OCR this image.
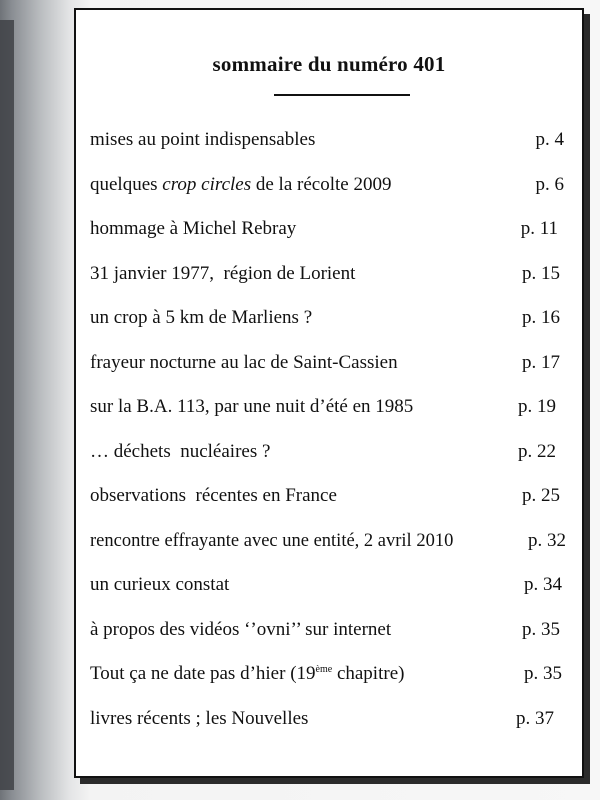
sommaire du numéro 401
mises au point indispensables	p. 4
quelques crop circles de la récolte 2009	p. 6
hommage à Michel Rebray	p. 11
31 janvier 1977,  région de Lorient	p. 15
un crop à 5 km de Marliens ?	p. 16
frayeur nocturne au lac de Saint-Cassien	p. 17
sur la B.A. 113, par une nuit d’été en 1985	p. 19
… déchets  nucléaires ?	p. 22
observations  récentes en France	p. 25
rencontre effrayante avec une entité, 2 avril 2010	p. 32
un curieux constat	p. 34
à propos des vidéos ‘’ovni’’ sur internet	p. 35
Tout ça ne date pas d’hier (19ème chapitre)	p. 35
livres récents ; les Nouvelles	p. 37
